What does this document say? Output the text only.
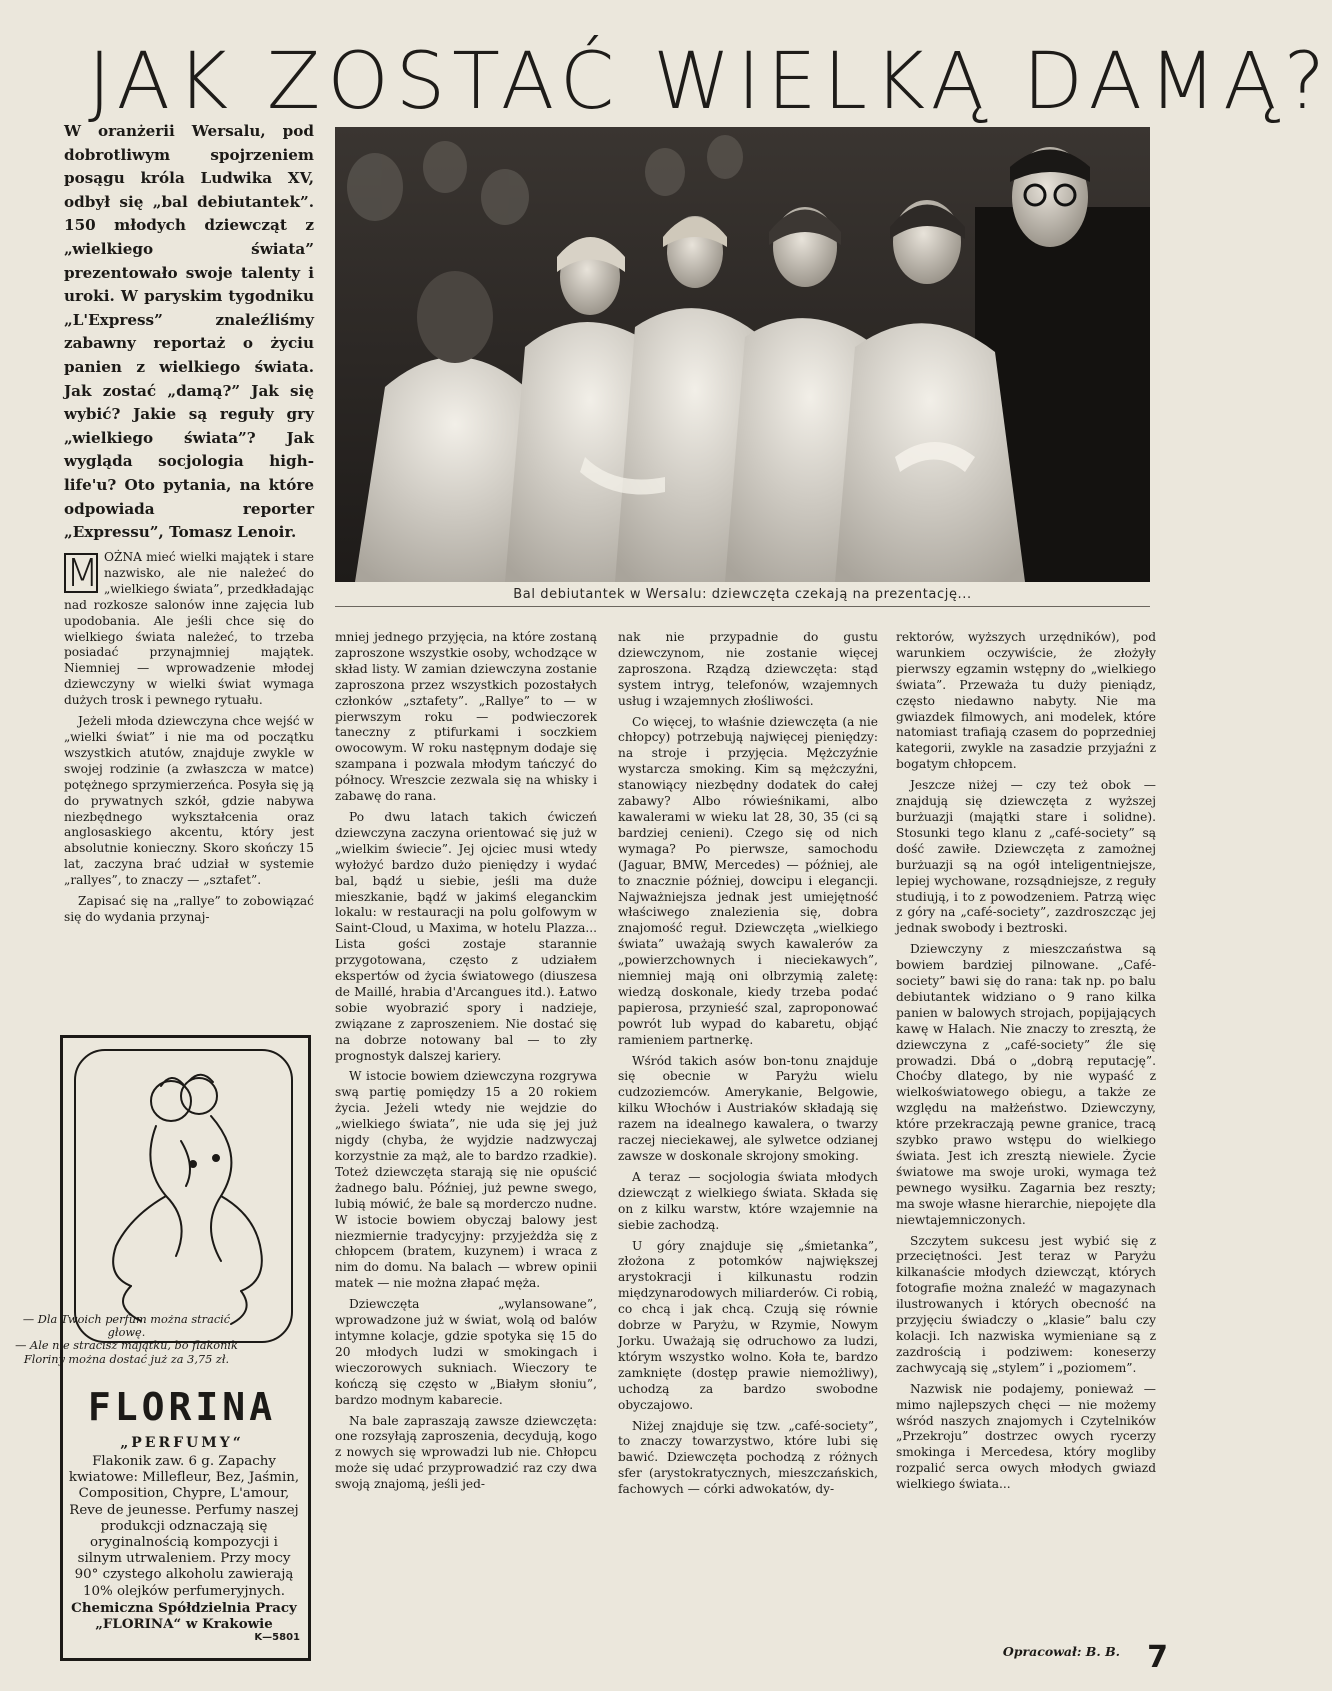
JAK ZOSTAĆ WIELKĄ DAMĄ?

W oranżerii Wersalu, pod dobrotliwym spojrzeniem posągu króla Ludwika XV, odbył się „bal debiutantek”. 150 młodych dziewcząt z „wielkiego świata” prezentowało swoje talenty i uroki. W paryskim tygodniku „L'Express” znaleźliśmy zabawny reportaż o życiu panien z wielkiego świata. Jak zostać „damą?” Jak się wybić? Jakie są reguły gry „wielkiego świata”? Jak wygląda socjologia high-life'u? Oto pytania, na które odpowiada reporter „Expressu”, Tomasz Lenoir.

Bal debiutantek w Wersalu: dziewczęta czekają na prezentację...

M OŻNA mieć wielki majątek i stare nazwisko, ale nie należeć do „wielkiego świata”, przedkładając nad rozkosze salonów inne zajęcia lub upodobania. Ale jeśli chce się do wielkiego świata należeć, to trzeba posiadać przynajmniej majątek. Niemniej — wprowadzenie młodej dziewczyny w wielki świat wymaga dużych trosk i pewnego rytuału.

Jeżeli młoda dziewczyna chce wejść w „wielki świat” i nie ma od początku wszystkich atutów, znajduje zwykle w swojej rodzinie (a zwłaszcza w matce) potężnego sprzymierzeńca. Posyła się ją do prywatnych szkół, gdzie nabywa niezbędnego wykształcenia oraz anglosaskiego akcentu, który jest absolutnie konieczny. Skoro skończy 15 lat, zaczyna brać udział w systemie „rallyes”, to znaczy — „sztafet”.

Zapisać się na „rallye” to zobowiązać się do wydania przynaj-

mniej jednego przyjęcia, na które zostaną zaproszone wszystkie osoby, wchodzące w skład listy. W zamian dziewczyna zostanie zaproszona przez wszystkich pozostałych członków „sztafety”. „Rallye” to — w pierwszym roku — podwieczorek taneczny z ptifurkami i soczkiem owocowym. W roku następnym dodaje się szampana i pozwala młodym tańczyć do północy. Wreszcie zezwala się na whisky i zabawę do rana.

Po dwu latach takich ćwiczeń dziewczyna zaczyna orientować się już w „wielkim świecie”. Jej ojciec musi wtedy wyłożyć bardzo dużo pieniędzy i wydać bal, bądź u siebie, jeśli ma duże mieszkanie, bądź w jakimś eleganckim lokalu: w restauracji na polu golfowym w Saint-Cloud, u Maxima, w hotelu Plazza... Lista gości zostaje starannie przygotowana, często z udziałem ekspertów od życia światowego (diuszesa de Maillé, hrabia d'Arcangues itd.). Łatwo sobie wyobrazić spory i nadzieje, związane z zaproszeniem. Nie dostać się na dobrze notowany bal — to zły prognostyk dalszej kariery.

W istocie bowiem dziewczyna rozgrywa swą partię pomiędzy 15 a 20 rokiem życia. Jeżeli wtedy nie wejdzie do „wielkiego świata”, nie uda się jej już nigdy (chyba, że wyjdzie nadzwyczaj korzystnie za mąż, ale to bardzo rzadkie). Toteż dziewczęta starają się nie opuścić żadnego balu. Później, już pewne swego, lubią mówić, że bale są morderczo nudne. W istocie bowiem obyczaj balowy jest niezmiernie tradycyjny: przyjeżdża się z chłopcem (bratem, kuzynem) i wraca z nim do domu. Na balach — wbrew opinii matek — nie można złapać męża.

Dziewczęta „wylansowane”, wprowadzone już w świat, wolą od balów intymne kolacje, gdzie spotyka się 15 do 20 młodych ludzi w smokingach i wieczorowych sukniach. Wieczory te kończą się często w „Białym słoniu”, bardzo modnym kabarecie.

Na bale zapraszają zawsze dziewczęta: one rozsyłają zaproszenia, decydują, kogo z nowych się wprowadzi lub nie. Chłopcu może się udać przyprowadzić raz czy dwa swoją znajomą, jeśli jed-

nak nie przypadnie do gustu dziewczynom, nie zostanie więcej zaproszona. Rządzą dziewczęta: stąd system intryg, telefonów, wzajemnych usług i wzajemnych złośliwości.

Co więcej, to właśnie dziewczęta (a nie chłopcy) potrzebują najwięcej pieniędzy: na stroje i przyjęcia. Mężczyźnie wystarcza smoking. Kim są mężczyźni, stanowiący niezbędny dodatek do całej zabawy? Albo rówieśnikami, albo kawalerami w wieku lat 28, 30, 35 (ci są bardziej cenieni). Czego się od nich wymaga? Po pierwsze, samochodu (Jaguar, BMW, Mercedes) — później, ale to znacznie później, dowcipu i elegancji. Najważniejsza jednak jest umiejętność właściwego znalezienia się, dobra znajomość reguł. Dziewczęta „wielkiego świata” uważają swych kawalerów za „powierzchownych i nieciekawych”, niemniej mają oni olbrzymią zaletę: wiedzą doskonale, kiedy trzeba podać papierosa, przynieść szal, zaproponować powrót lub wypad do kabaretu, objąć ramieniem partnerkę.

Wśród takich asów bon-tonu znajduje się obecnie w Paryżu wielu cudzoziemców. Amerykanie, Belgowie, kilku Włochów i Austriaków składają się razem na idealnego kawalera, o twarzy raczej nieciekawej, ale sylwetce odzianej zawsze w doskonale skrojony smoking.

A teraz — socjologia świata młodych dziewcząt z wielkiego świata. Składa się on z kilku warstw, które wzajemnie na siebie zachodzą.

U góry znajduje się „śmietanka”, złożona z potomków największej arystokracji i kilkunastu rodzin międzynarodowych miliarderów. Ci robią, co chcą i jak chcą. Czują się równie dobrze w Paryżu, w Rzymie, Nowym Jorku. Uważają się odruchowo za ludzi, którym wszystko wolno. Koła te, bardzo zamknięte (dostęp prawie niemożliwy), uchodzą za bardzo swobodne obyczajowo.

Niżej znajduje się tzw. „café-society”, to znaczy towarzystwo, które lubi się bawić. Dziewczęta pochodzą z różnych sfer (arystokratycznych, mieszczańskich, fachowych — córki adwokatów, dy-

rektorów, wyższych urzędników), pod warunkiem oczywiście, że złożyły pierwszy egzamin wstępny do „wielkiego świata”. Przeważa tu duży pieniądz, często niedawno nabyty. Nie ma gwiazdek filmowych, ani modelek, które natomiast trafiają czasem do poprzedniej kategorii, zwykle na zasadzie przyjaźni z bogatym chłopcem.

Jeszcze niżej — czy też obok — znajdują się dziewczęta z wyższej burżuazji (majątki stare i solidne). Stosunki tego klanu z „café-society” są dość zawiłe. Dziewczęta z zamożnej burżuazji są na ogół inteligentniejsze, lepiej wychowane, rozsądniejsze, z reguły studiują, i to z powodzeniem. Patrzą więc z góry na „café-society”, zazdroszcząc jej jednak swobody i beztroski.

Dziewczyny z mieszczaństwa są bowiem bardziej pilnowane. „Café-society” bawi się do rana: tak np. po balu debiutantek widziano o 9 rano kilka panien w balowych strojach, popijających kawę w Halach. Nie znaczy to zresztą, że dziewczyna z „café-society” źle się prowadzi. Dbá o „dobrą reputację”. Choćby dlatego, by nie wypaść z wielkoświatowego obiegu, a także ze względu na małżeństwo. Dziewczyny, które przekraczają pewne granice, tracą szybko prawo wstępu do wielkiego świata. Jest ich zresztą niewiele. Życie światowe ma swoje uroki, wymaga też pewnego wysiłku. Zagarnia bez reszty; ma swoje własne hierarchie, niepojęte dla niewtajemniczonych.

Szczytem sukcesu jest wybić się z przeciętności. Jest teraz w Paryżu kilkanaście młodych dziewcząt, których fotografie można znaleźć w magazynach ilustrowanych i których obecność na przyjęciu świadczy o „klasie” balu czy kolacji. Ich nazwiska wymieniane są z zazdrością i podziwem: koneserzy zachwycają się „stylem” i „poziomem”.

Nazwisk nie podajemy, ponieważ — mimo najlepszych chęci — nie możemy wśród naszych znajomych i Czytelników „Przekroju” dostrzec owych rycerzy smokinga i Mercedesa, który mogliby rozpalić serca owych młodych gwiazd wielkiego świata...

— Dla Twoich perfum można stracić głowę.
— Ale nie stracisz majątku, bo flakonik Floriny można dostać już za 3,75 zł.
FLORINA
„PERFUMY“

Flakonik zaw. 6 g. Zapachy kwiatowe: Millefleur, Bez, Jaśmin, Composition, Chypre, L'amour, Reve de jeunesse. Perfumy naszej produkcji odznaczają się oryginalnością kompozycji i silnym utrwaleniem. Przy mocy 90° czystego alkoholu zawierają 10% olejków perfumeryjnych.

Chemiczna Spółdzielnia Pracy „FLORINA“ w Krakowie

K—5801
Opracował: B. B. 7
